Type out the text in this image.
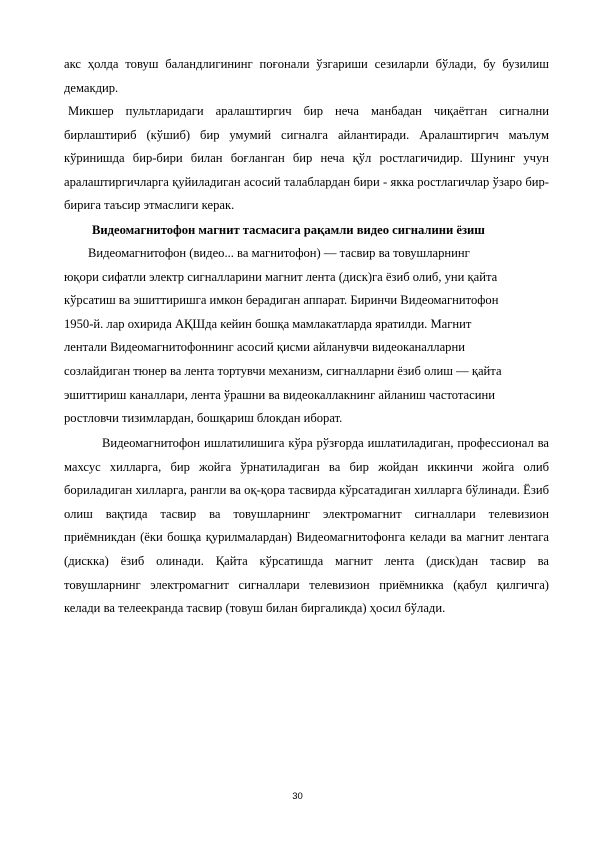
акс ҳолда товуш баландлигининг поғонали ўзгариши сезиларли бўлади, бу бузилиш демакдир.

Микшер пультларидаги аралаштиргич бир неча манбадан чиқаётган сигнални бирлаштириб (кўшиб) бир умумий сигналга айлантиради. Аралаштиргич маълум кўринишда бир-бири билан боғланган бир неча қўл ростлагичидир. Шунинг учун аралаштиргичларга қуйиладиган асосий талаблардан бири - якка ростлагичлар ўзаро бир-бирига таъсир этмаслиги керак.

Видеомагнитофон магнит тасмасига рақамли видео сигналини ёзиш

Видеомагнитофон (видео... ва магнитофон) — тасвир ва товушларнинг
юқори сифатли электр сигналларини магнит лента (диск)га ёзиб олиб, уни қайта
кўрсатиш ва эшиттиришга имкон берадиган аппарат. Биринчи Видеомагнитофон
1950-й. лар охирида АҚШда кейин бошқа мамлакатларда яратилди. Магнит
лентали Видеомагнитофоннинг асосий қисми айланувчи видеоканалларни
созлайдиган тюнер ва лента тортувчи механизм, сигналларни ёзиб олиш — қайта
эшиттириш каналлари, лента ўрашни ва видеокаллакнинг айланиш частотасини
ростловчи тизимлардан, бошқариш блокдан иборат.

Видеомагнитофон ишлатилишига кўра рўзғорда ишлатиладиган, профессионал ва махсус хилларга, бир жойга ўрнатиладиган ва бир жойдан иккинчи жойга олиб бориладиган хилларга, рангли ва оқ-қора тасвирда кўрсатадиган хилларга бўлинади. Ёзиб олиш вақтида тасвир ва товушларнинг электромагнит сигналлари телевизион приёмникдан (ёки бошқа қурилмалардан) Видеомагнитофонга келади ва магнит лентага (дискка) ёзиб олинади. Қайта кўрсатишда магнит лента (диск)дан тасвир ва товушларнинг электромагнит сигналлари телевизион приёмникка (қабул қилгичга) келади ва телеекранда тасвир (товуш билан биргаликда) ҳосил бўлади.

30
